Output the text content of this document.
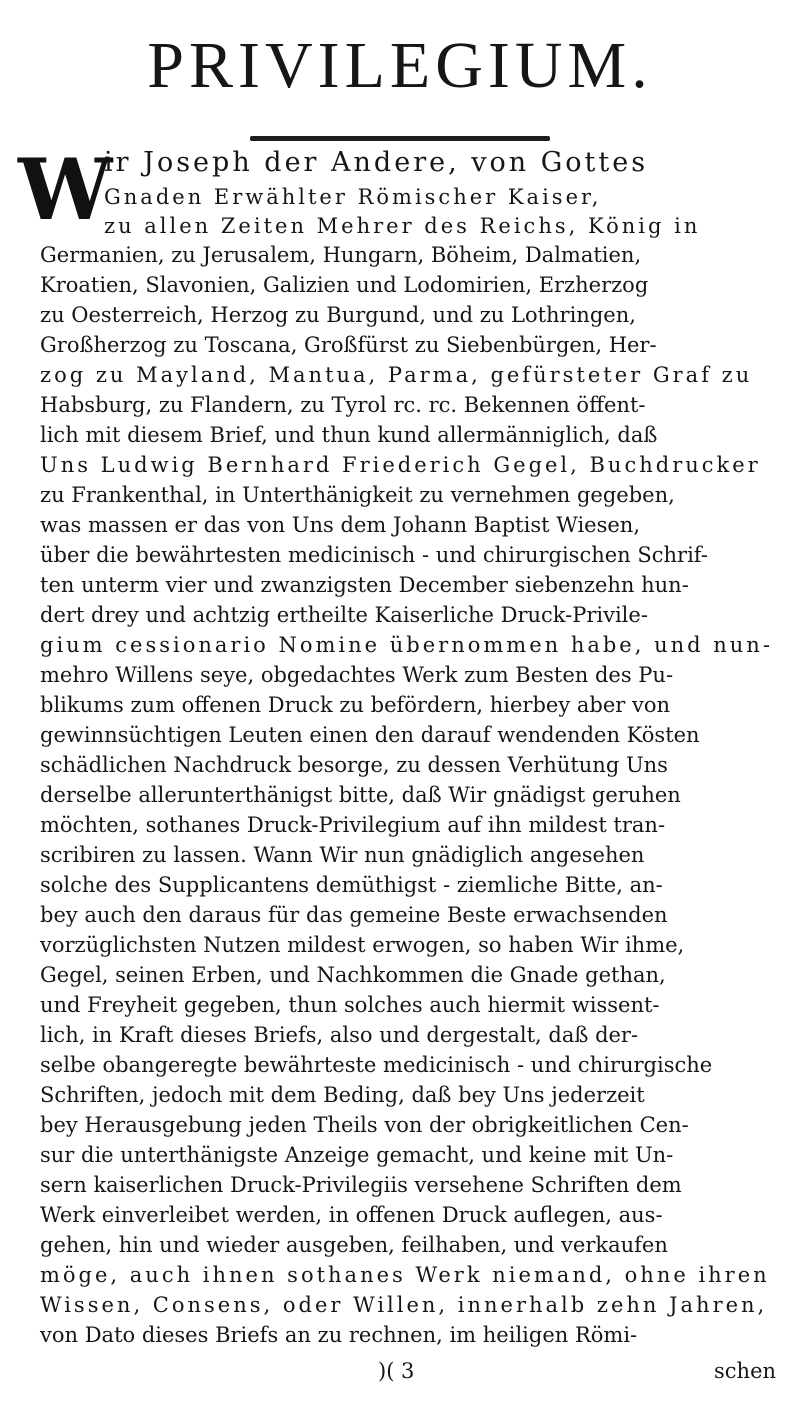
PRIVILEGIUM.
W
ir Joseph der Andere, von Gottes
Gnaden Erwählter Römischer Kaiser,
zu allen Zeiten Mehrer des Reichs, König in
Germanien, zu Jerusalem, Hungarn, Böheim, Dalmatien,
Kroatien, Slavonien, Galizien und Lodomirien, Erzherzog
zu Oesterreich, Herzog zu Burgund, und zu Lothringen,
Großherzog zu Toscana, Großfürst zu Siebenbürgen, Her-
zog zu Mayland, Mantua, Parma, gefürsteter Graf zu
Habsburg, zu Flandern, zu Tyrol rc. rc. Bekennen öffent-
lich mit diesem Brief, und thun kund allermänniglich, daß
Uns Ludwig Bernhard Friederich Gegel, Buchdrucker
zu Frankenthal, in Unterthänigkeit zu vernehmen gegeben,
was massen er das von Uns dem Johann Baptist Wiesen,
über die bewährtesten medicinisch - und chirurgischen Schrif-
ten unterm vier und zwanzigsten December siebenzehn hun-
dert drey und achtzig ertheilte Kaiserliche Druck-Privile-
gium cessionario Nomine übernommen habe, und nun-
mehro Willens seye, obgedachtes Werk zum Besten des Pu-
blikums zum offenen Druck zu befördern, hierbey aber von
gewinnsüchtigen Leuten einen den darauf wendenden Kösten
schädlichen Nachdruck besorge, zu dessen Verhütung Uns
derselbe allerunterthänigst bitte, daß Wir gnädigst geruhen
möchten, sothanes Druck-Privilegium auf ihn mildest tran-
scribiren zu lassen. Wann Wir nun gnädiglich angesehen
solche des Supplicantens demüthigst - ziemliche Bitte, an-
bey auch den daraus für das gemeine Beste erwachsenden
vorzüglichsten Nutzen mildest erwogen, so haben Wir ihme,
Gegel, seinen Erben, und Nachkommen die Gnade gethan,
und Freyheit gegeben, thun solches auch hiermit wissent-
lich, in Kraft dieses Briefs, also und dergestalt, daß der-
selbe obangeregte bewährteste medicinisch - und chirurgische
Schriften, jedoch mit dem Beding, daß bey Uns jederzeit
bey Herausgebung jeden Theils von der obrigkeitlichen Cen-
sur die unterthänigste Anzeige gemacht, und keine mit Un-
sern kaiserlichen Druck-Privilegiis versehene Schriften dem
Werk einverleibet werden, in offenen Druck auflegen, aus-
gehen, hin und wieder ausgeben, feilhaben, und verkaufen
möge, auch ihnen sothanes Werk niemand, ohne ihren
Wissen, Consens, oder Willen, innerhalb zehn Jahren,
von Dato dieses Briefs an zu rechnen, im heiligen Römi-
)( 3	schen
